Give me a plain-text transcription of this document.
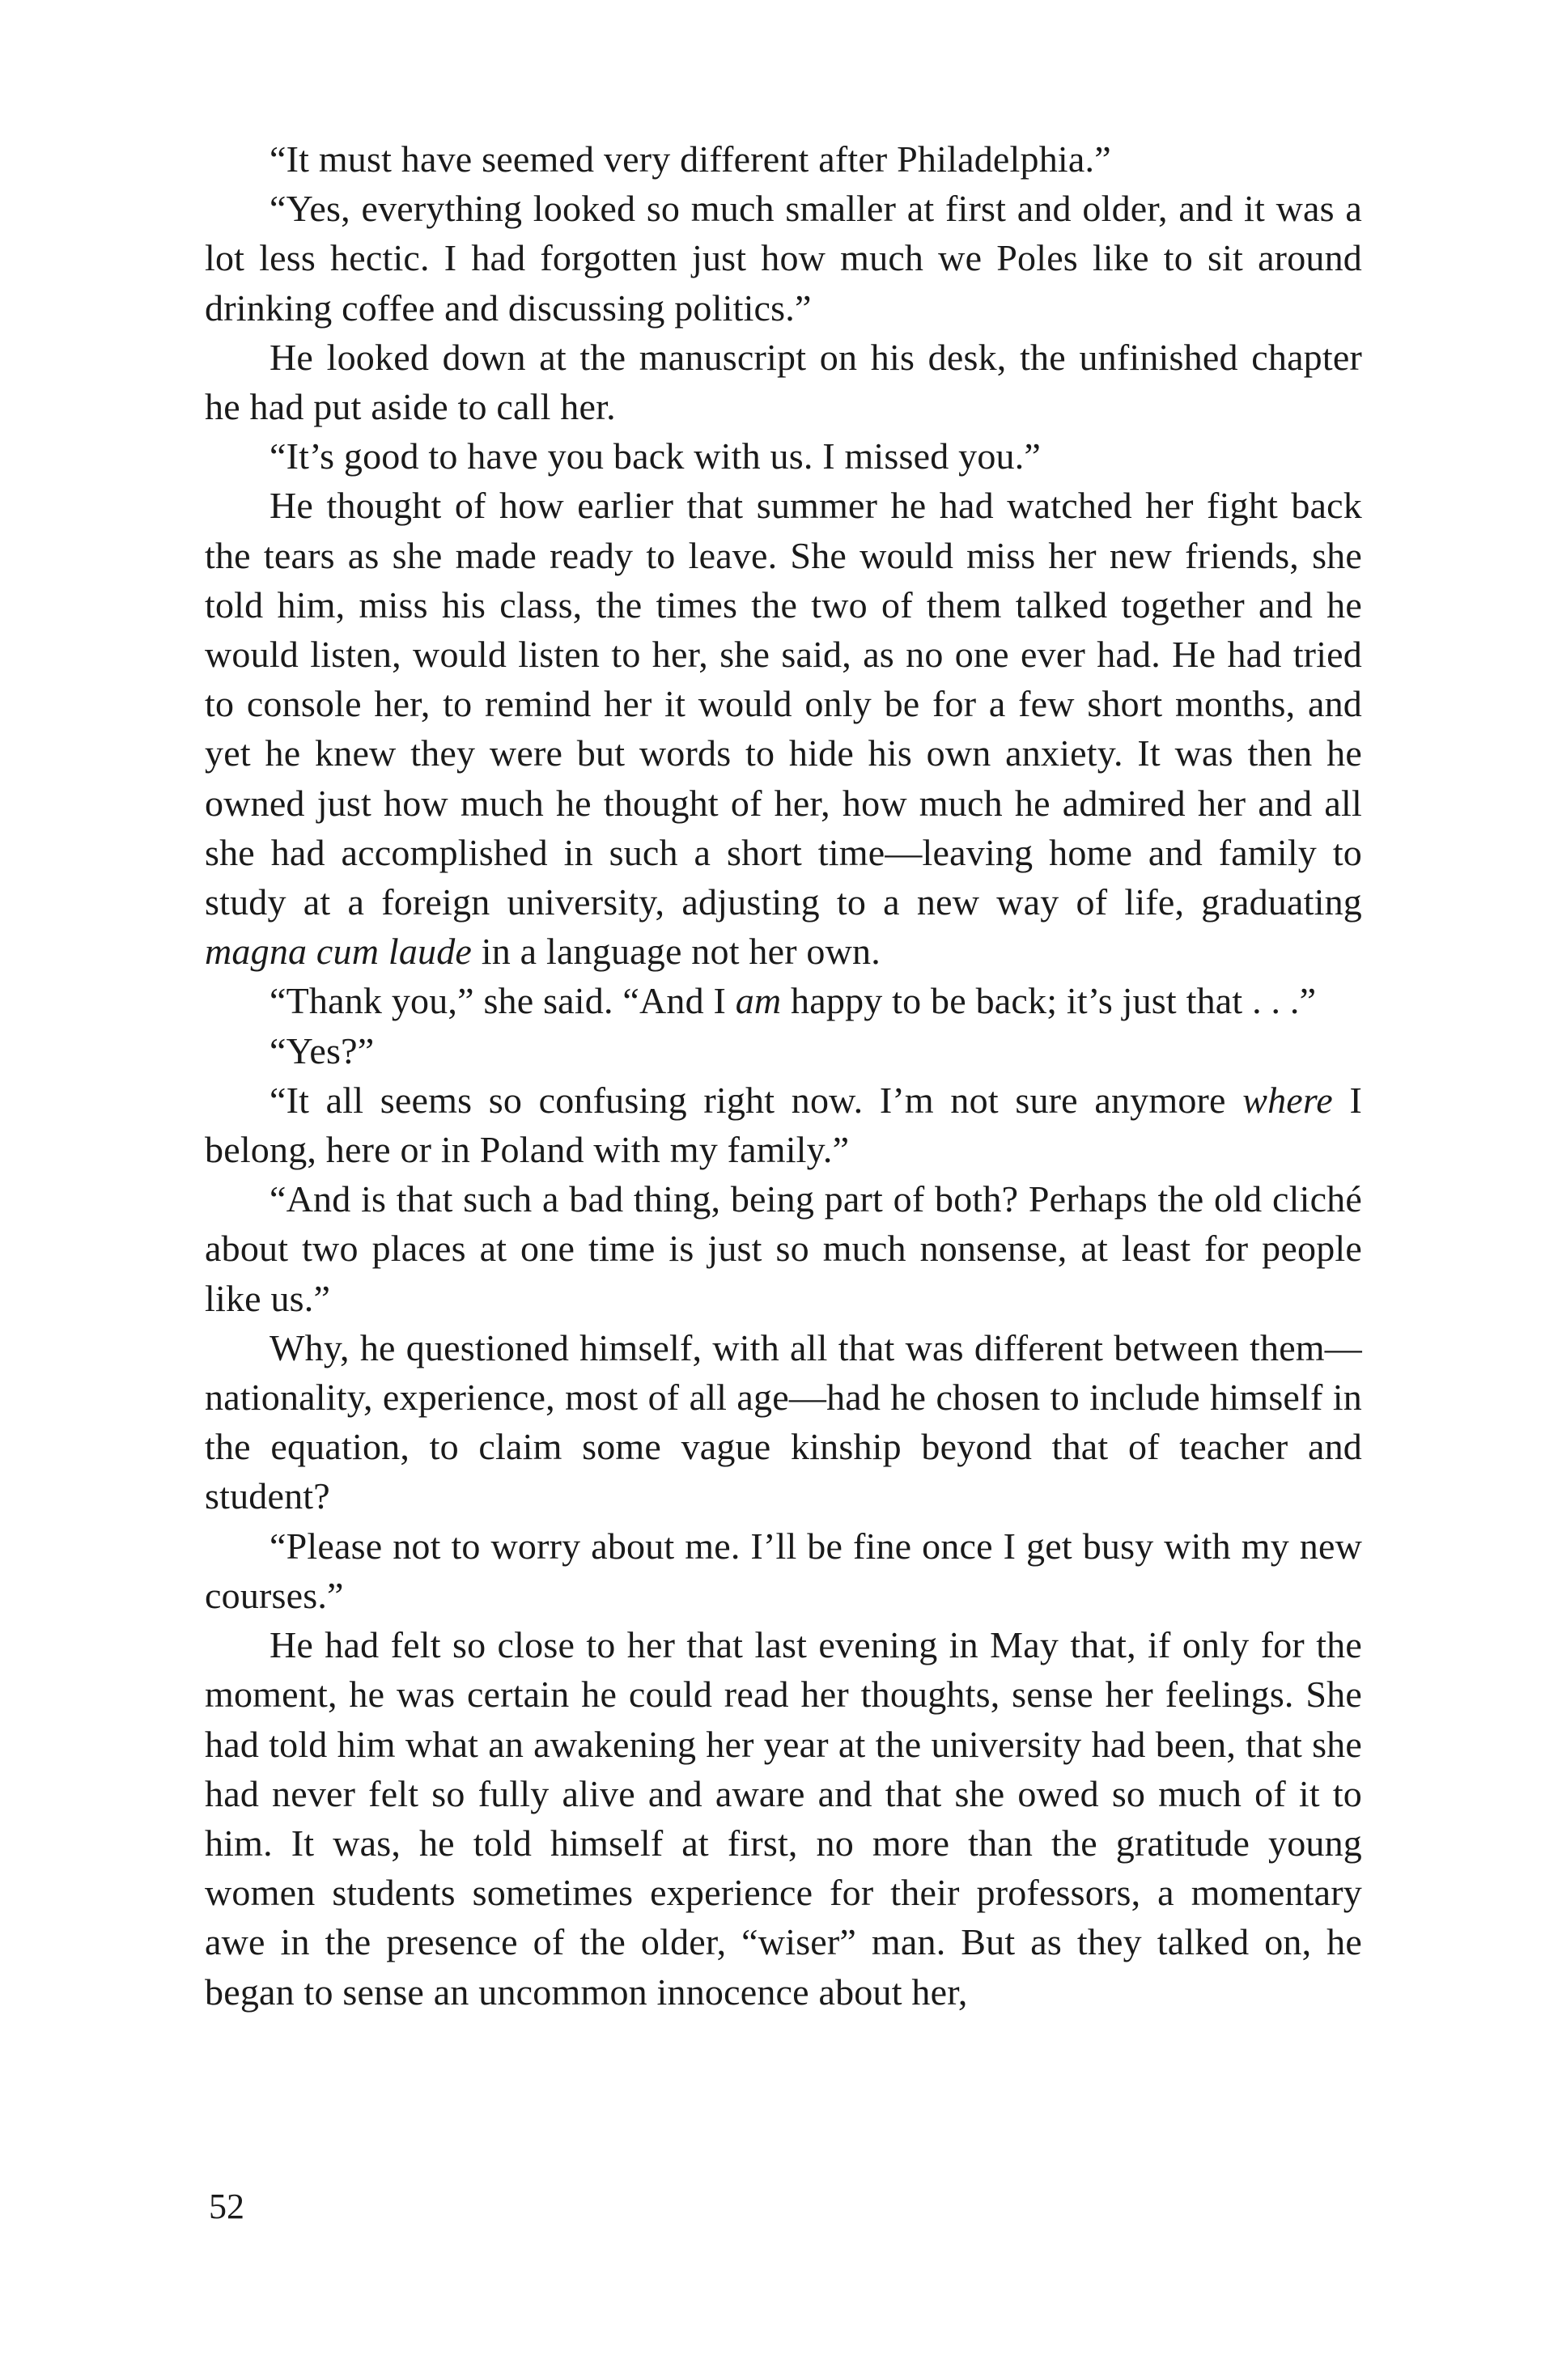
“It must have seemed very different after Philadelphia.”

“Yes, everything looked so much smaller at first and older, and it was a lot less hectic. I had forgotten just how much we Poles like to sit around drinking coffee and discussing politics.”

He looked down at the manuscript on his desk, the unfinished chapter he had put aside to call her.

“It’s good to have you back with us. I missed you.”

He thought of how earlier that summer he had watched her fight back the tears as she made ready to leave. She would miss her new friends, she told him, miss his class, the times the two of them talked together and he would listen, would listen to her, she said, as no one ever had. He had tried to console her, to remind her it would only be for a few short months, and yet he knew they were but words to hide his own anxiety. It was then he owned just how much he thought of her, how much he admired her and all she had accomplished in such a short time—leaving home and family to study at a foreign university, adjusting to a new way of life, graduating magna cum laude in a language not her own.

“Thank you,” she said. “And I am happy to be back; it’s just that . . .”

“Yes?”

“It all seems so confusing right now. I’m not sure anymore where I belong, here or in Poland with my family.”

“And is that such a bad thing, being part of both? Perhaps the old cliché about two places at one time is just so much nonsense, at least for people like us.”

Why, he questioned himself, with all that was different between them—nationality, experience, most of all age—had he chosen to include himself in the equation, to claim some vague kinship beyond that of teacher and student?

“Please not to worry about me. I’ll be fine once I get busy with my new courses.”

He had felt so close to her that last evening in May that, if only for the moment, he was certain he could read her thoughts, sense her feelings. She had told him what an awakening her year at the university had been, that she had never felt so fully alive and aware and that she owed so much of it to him. It was, he told himself at first, no more than the gratitude young women students sometimes experience for their professors, a momentary awe in the presence of the older, “wiser” man. But as they talked on, he began to sense an uncommon innocence about her,

52
